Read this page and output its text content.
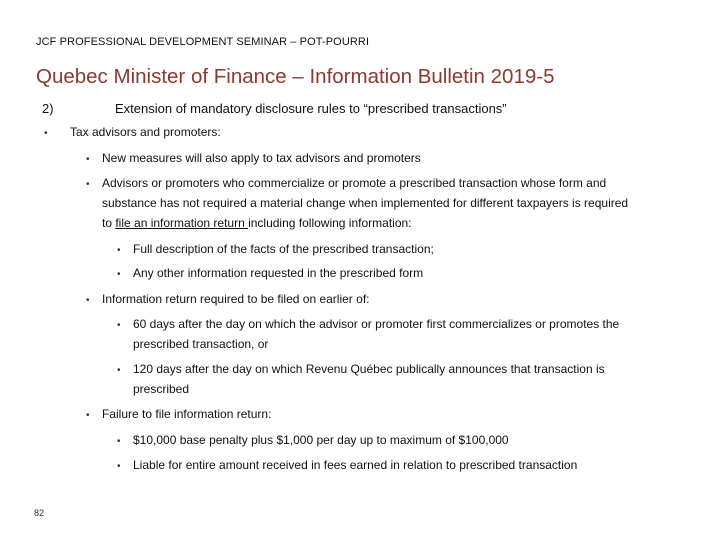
JCF PROFESSIONAL DEVELOPMENT SEMINAR – POT-POURRI
Quebec Minister of Finance – Information Bulletin 2019-5
2)	Extension of mandatory disclosure rules to “prescribed transactions”
• Tax advisors and promoters:
• New measures will also apply to tax advisors and promoters
• Advisors or promoters who commercialize or promote a prescribed transaction whose form and
substance has not required a material change when implemented for different taxpayers is required
to file an information return including following information:
• Full description of the facts of the prescribed transaction;
• Any other information requested in the prescribed form
• Information return required to be filed on earlier of:
• 60 days after the day on which the advisor or promoter first commercializes or promotes the
prescribed transaction, or
• 120 days after the day on which Revenu Québec publically announces that transaction is
prescribed
• Failure to file information return:
• $10,000 base penalty plus $1,000 per day up to maximum of $100,000
• Liable for entire amount received in fees earned in relation to prescribed transaction
82
